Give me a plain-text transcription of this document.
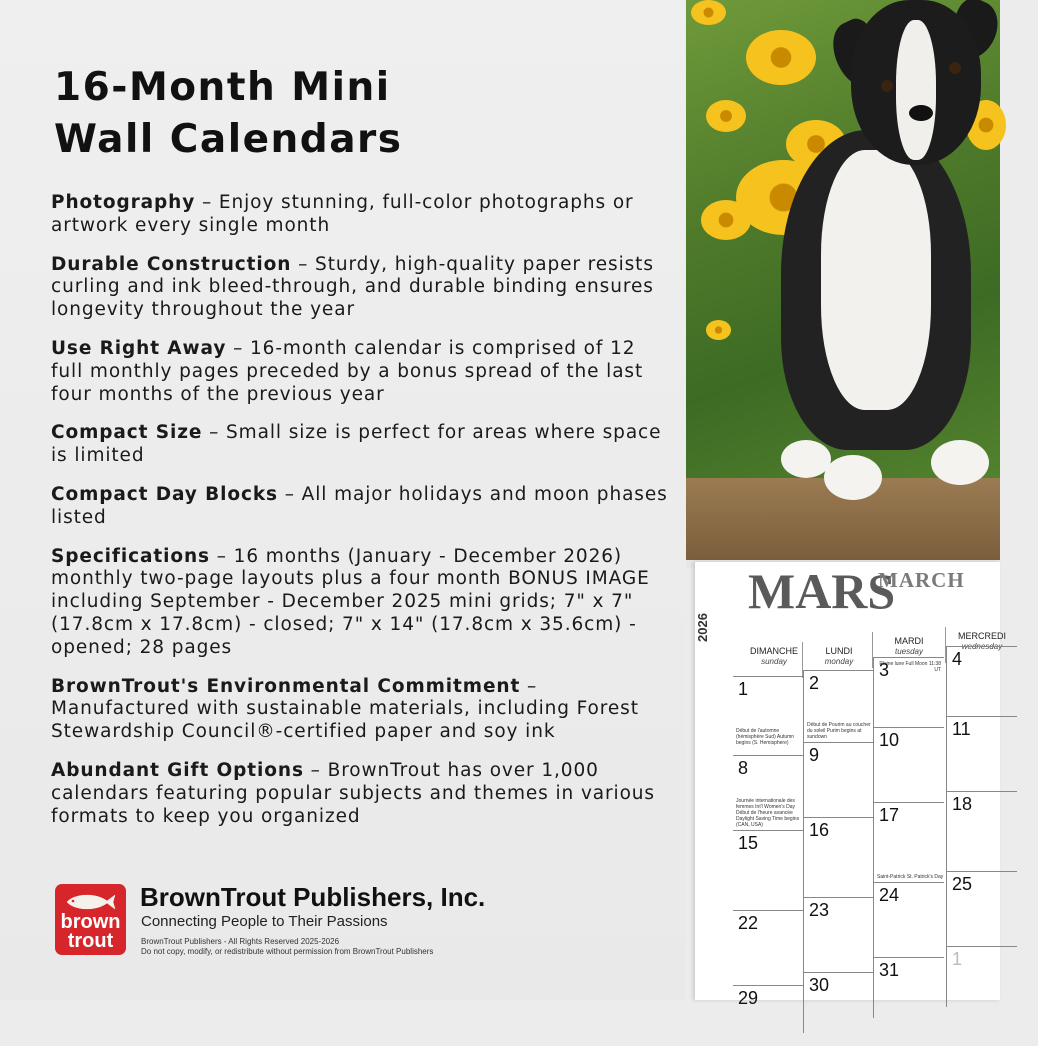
16-Month Mini
Wall Calendars

Photography – Enjoy stunning, full-color photographs or artwork every single month

Durable Construction – Sturdy, high-quality paper resists curling and ink bleed-through, and durable binding ensures longevity throughout the year

Use Right Away – 16-month calendar is comprised of 12 full monthly pages preceded by a bonus spread of the last four months of the previous year

Compact Size – Small size is perfect for areas where space is limited

Compact Day Blocks – All major holidays and moon phases listed

Specifications – 16 months (January - December 2026) monthly two-page layouts plus a four month BONUS IMAGE including September - December 2025 mini grids; 7" x 7" (17.8cm x 17.8cm) - closed; 7" x 14" (17.8cm x 35.6cm) - opened; 28 pages

BrownTrout's Environmental Commitment – Manufactured with sustainable materials, including Forest Stewardship Council®-certified paper and soy ink

Abundant Gift Options – BrownTrout has over 1,000 calendars featuring popular subjects and themes in various formats to keep you organized

brown
trout
BrownTrout Publishers, Inc.
Connecting People to Their Passions
BrownTrout Publishers - All Rights Reserved 2025-2026
Do not copy, modify, or redistribute without permission from BrownTrout Publishers
2026
MARS
MARCH
DIMANCHE
sunday
LUNDI
monday
MARDI
tuesday
MERCREDI
wednesday
1
Début de l'automne (hémisphère Sud) Autumn begins (S. Hemisphere)
2
Début de Pourim au coucher du soleil Purim begins at sundown
3
Pleine lune Full Moon 11:38 UT
4
8
Journée internationale des femmes Int'l Women's Day Début de l'heure avancée Daylight Saving Time begins (CAN, USA)
9
10
11
15
16
17
Saint-Patrick St. Patrick's Day
18
22
23
24
25
29
30
31
1
